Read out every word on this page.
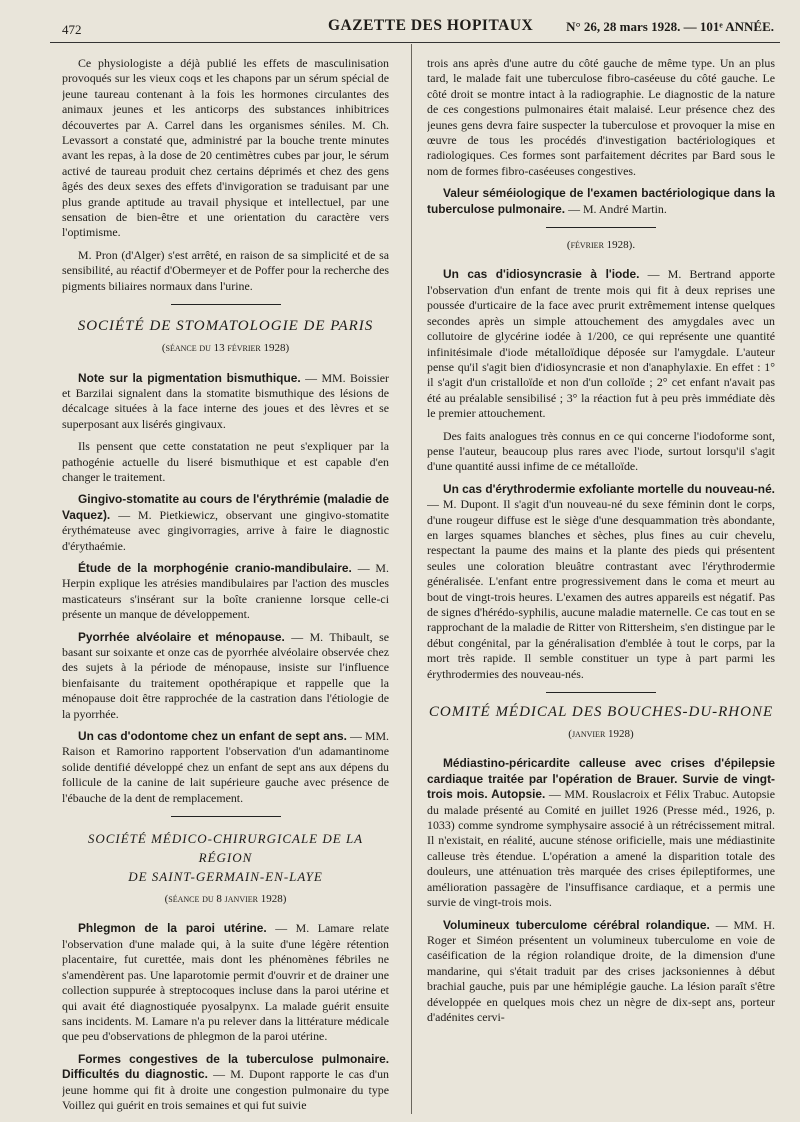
472	GAZETTE DES HOPITAUX	N° 26, 28 mars 1928. — 101ᵉ ANNÉE.

Ce physiologiste a déjà publié les effets de masculinisation provoqués sur les vieux coqs et les chapons par un sérum spécial de jeune taureau contenant à la fois les hormones circulantes des animaux jeunes et les anticorps des substances inhibitrices découvertes par A. Carrel dans les organismes séniles. M. Ch. Levassort a constaté que, administré par la bouche trente minutes avant les repas, à la dose de 20 centimètres cubes par jour, le sérum activé de taureau produit chez certains déprimés et chez des gens âgés des deux sexes des effets d'invigoration se traduisant par une plus grande aptitude au travail physique et intellectuel, par une sensation de bien-être et une orientation du caractère vers l'optimisme.

M. Pron (d'Alger) s'est arrêté, en raison de sa simplicité et de sa sensibilité, au réactif d'Obermeyer et de Poffer pour la recherche des pigments biliaires normaux dans l'urine.

SOCIÉTÉ DE STOMATOLOGIE DE PARIS
(séance du 13 février 1928)

Note sur la pigmentation bismuthique. — MM. Boissier et Barzilai signalent dans la stomatite bismuthique des lésions de décalcage situées à la face interne des joues et des lèvres et se superposant aux lisérés gingivaux.

Ils pensent que cette constatation ne peut s'expliquer par la pathogénie actuelle du liseré bismuthique et est capable d'en changer le traitement.

Gingivo-stomatite au cours de l'érythrémie (maladie de Vaquez). — M. Pietkiewicz, observant une gingivo-stomatite érythémateuse avec gingivorragies, arrive à faire le diagnostic d'érythaémie.

Étude de la morphogénie cranio-mandibulaire. — M. Herpin explique les atrésies mandibulaires par l'action des muscles masticateurs s'insérant sur la boîte cranienne lorsque celle-ci présente un manque de développement.

Pyorrhée alvéolaire et ménopause. — M. Thibault, se basant sur soixante et onze cas de pyorrhée alvéolaire observée chez des sujets à la période de ménopause, insiste sur l'influence bienfaisante du traitement opothérapique et rappelle que la ménopause doit être rapprochée de la castration dans l'étiologie de la pyorrhée.

Un cas d'odontome chez un enfant de sept ans. — MM. Raison et Ramorino rapportent l'observation d'un adamantinome solide dentifié développé chez un enfant de sept ans aux dépens du follicule de la canine de lait supérieure gauche avec présence de l'ébauche de la dent de remplacement.

SOCIÉTÉ MÉDICO-CHIRURGICALE DE LA RÉGION
DE SAINT-GERMAIN-EN-LAYE
(séance du 8 janvier 1928)

Phlegmon de la paroi utérine. — M. Lamare relate l'observation d'une malade qui, à la suite d'une légère rétention placentaire, fut curettée, mais dont les phénomènes fébriles ne s'amendèrent pas. Une laparotomie permit d'ouvrir et de drainer une collection suppurée à streptocoques incluse dans la paroi utérine et qui avait été diagnostiquée pyosalpynx. La malade guérit ensuite sans incidents. M. Lamare n'a pu relever dans la littérature médicale que peu d'observations de phlegmon de la paroi utérine.

Formes congestives de la tuberculose pulmonaire. Difficultés du diagnostic. — M. Dupont rapporte le cas d'un jeune homme qui fit à droite une congestion pulmonaire du type Voillez qui guérit en trois semaines et qui fut suivie

trois ans après d'une autre du côté gauche de même type. Un an plus tard, le malade fait une tuberculose fibro-caséeuse du côté gauche. Le côté droit se montre intact à la radiographie. Le diagnostic de la nature de ces congestions pulmonaires était malaisé. Leur présence chez des jeunes gens devra faire suspecter la tuberculose et provoquer la mise en œuvre de tous les procédés d'investigation bactériologiques et radiologiques. Ces formes sont parfaitement décrites par Bard sous le nom de formes fibro-caséeuses congestives.

Valeur séméiologique de l'examen bactériologique dans la tuberculose pulmonaire. — M. André Martin.

(février 1928).

Un cas d'idiosyncrasie à l'iode. — M. Bertrand apporte l'observation d'un enfant de trente mois qui fit à deux reprises une poussée d'urticaire de la face avec prurit extrêmement intense quelques secondes après un simple attouchement des amygdales avec un collutoire de glycérine iodée à 1/200, ce qui représente une quantité infinitésimale d'iode métalloïdique déposée sur l'amygdale. L'auteur pense qu'il s'agit bien d'idiosyncrasie et non d'anaphylaxie. En effet : 1° il s'agit d'un cristalloïde et non d'un colloïde ; 2° cet enfant n'avait pas été au préalable sensibilisé ; 3° la réaction fut à peu près immédiate dès le premier attouchement.

Des faits analogues très connus en ce qui concerne l'iodoforme sont, pense l'auteur, beaucoup plus rares avec l'iode, surtout lorsqu'il s'agit d'une quantité aussi infime de ce métalloïde.

Un cas d'érythrodermie exfoliante mortelle du nouveau-né. — M. Dupont. Il s'agit d'un nouveau-né du sexe féminin dont le corps, d'une rougeur diffuse est le siège d'une desquammation très abondante, en larges squames blanches et sèches, plus fines au cuir chevelu, respectant la paume des mains et la plante des pieds qui présentent seules une coloration bleuâtre contrastant avec l'érythrodermie généralisée. L'enfant entre progressivement dans le coma et meurt au bout de vingt-trois heures. L'examen des autres appareils est négatif. Pas de signes d'hérédo-syphilis, aucune maladie maternelle. Ce cas tout en se rapprochant de la maladie de Ritter von Rittersheim, s'en distingue par le début congénital, par la généralisation d'emblée à tout le corps, par la mort très rapide. Il semble constituer un type à part parmi les érythrodermies des nouveau-nés.

COMITÉ MÉDICAL DES BOUCHES-DU-RHONE
(janvier 1928)

Médiastino-péricardite calleuse avec crises d'épilepsie cardiaque traitée par l'opération de Brauer. Survie de vingt-trois mois. Autopsie. — MM. Rouslacroix et Félix Trabuc. Autopsie du malade présenté au Comité en juillet 1926 (Presse méd., 1926, p. 1033) comme syndrome symphysaire associé à un rétrécissement mitral. Il n'existait, en réalité, aucune sténose orificielle, mais une médiastinite calleuse très étendue. L'opération a amené la disparition totale des douleurs, une atténuation très marquée des crises épileptiformes, une amélioration passagère de l'insuffisance cardiaque, et a permis une survie de vingt-trois mois.

Volumineux tuberculome cérébral rolandique. — MM. H. Roger et Siméon présentent un volumineux tuberculome en voie de caséification de la région rolandique droite, de la dimension d'une mandarine, qui s'était traduit par des crises jacksoniennes à début brachial gauche, puis par une hémiplégie gauche. La lésion paraît s'être développée en quelques mois chez un nègre de dix-sept ans, porteur d'adénites cervi-
